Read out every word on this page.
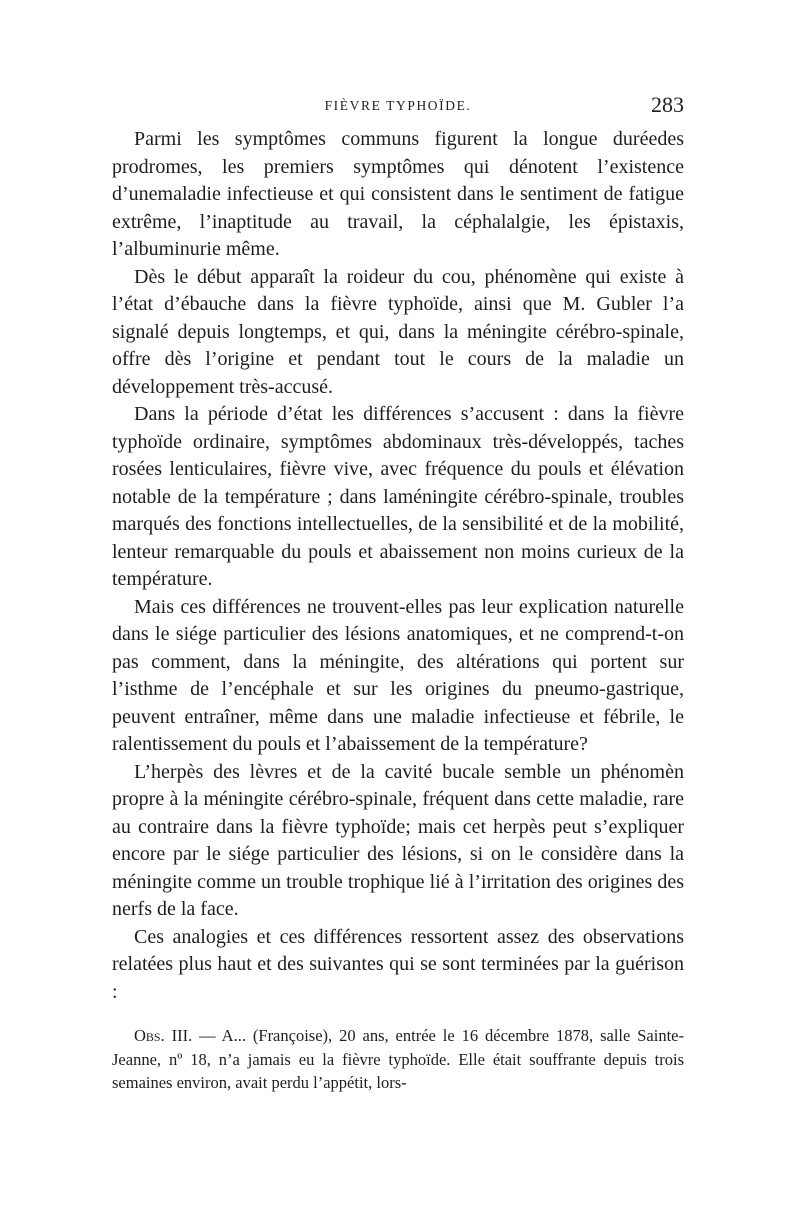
FIÈVRE TYPHOÏDE.	283

Parmi les symptômes communs figurent la longue duréedes prodromes, les premiers symptômes qui dénotent l’existence d’unemaladie infectieuse et qui consistent dans le sentiment de fatigue extrême, l’inaptitude au travail, la céphalalgie, les épistaxis, l’albuminurie même.

Dès le début apparaît la roideur du cou, phénomène qui existe à l’état d’ébauche dans la fièvre typhoïde, ainsi que M. Gubler l’a signalé depuis longtemps, et qui, dans la méningite cérébro-spinale, offre dès l’origine et pendant tout le cours de la maladie un développement très-accusé.

Dans la période d’état les différences s’accusent : dans la fièvre typhoïde ordinaire, symptômes abdominaux très-développés, taches rosées lenticulaires, fièvre vive, avec fréquence du pouls et élévation notable de la température ; dans laméningite cérébro-spinale, troubles marqués des fonctions intellectuelles, de la sensibilité et de la mobilité, lenteur remarquable du pouls et abaissement non moins curieux de la température.

Mais ces différences ne trouvent-elles pas leur explication naturelle dans le siége particulier des lésions anatomiques, et ne comprend-t-on pas comment, dans la méningite, des altérations qui portent sur l’isthme de l’encéphale et sur les origines du pneumo-gastrique, peuvent entraîner, même dans une maladie infectieuse et fébrile, le ralentissement du pouls et l’abaissement de la température?

L’herpès des lèvres et de la cavité bucale semble un phénomèn propre à la méningite cérébro-spinale, fréquent dans cette maladie, rare au contraire dans la fièvre typhoïde; mais cet herpès peut s’expliquer encore par le siége particulier des lésions, si on le considère dans la méningite comme un trouble trophique lié à l’irritation des origines des nerfs de la face.

Ces analogies et ces différences ressortent assez des observations relatées plus haut et des suivantes qui se sont terminées par la guérison :

Obs. III. — A... (Françoise), 20 ans, entrée le 16 décembre 1878, salle Sainte-Jeanne, nº 18, n’a jamais eu la fièvre typhoïde. Elle était souffrante depuis trois semaines environ, avait perdu l’appétit, lors-
